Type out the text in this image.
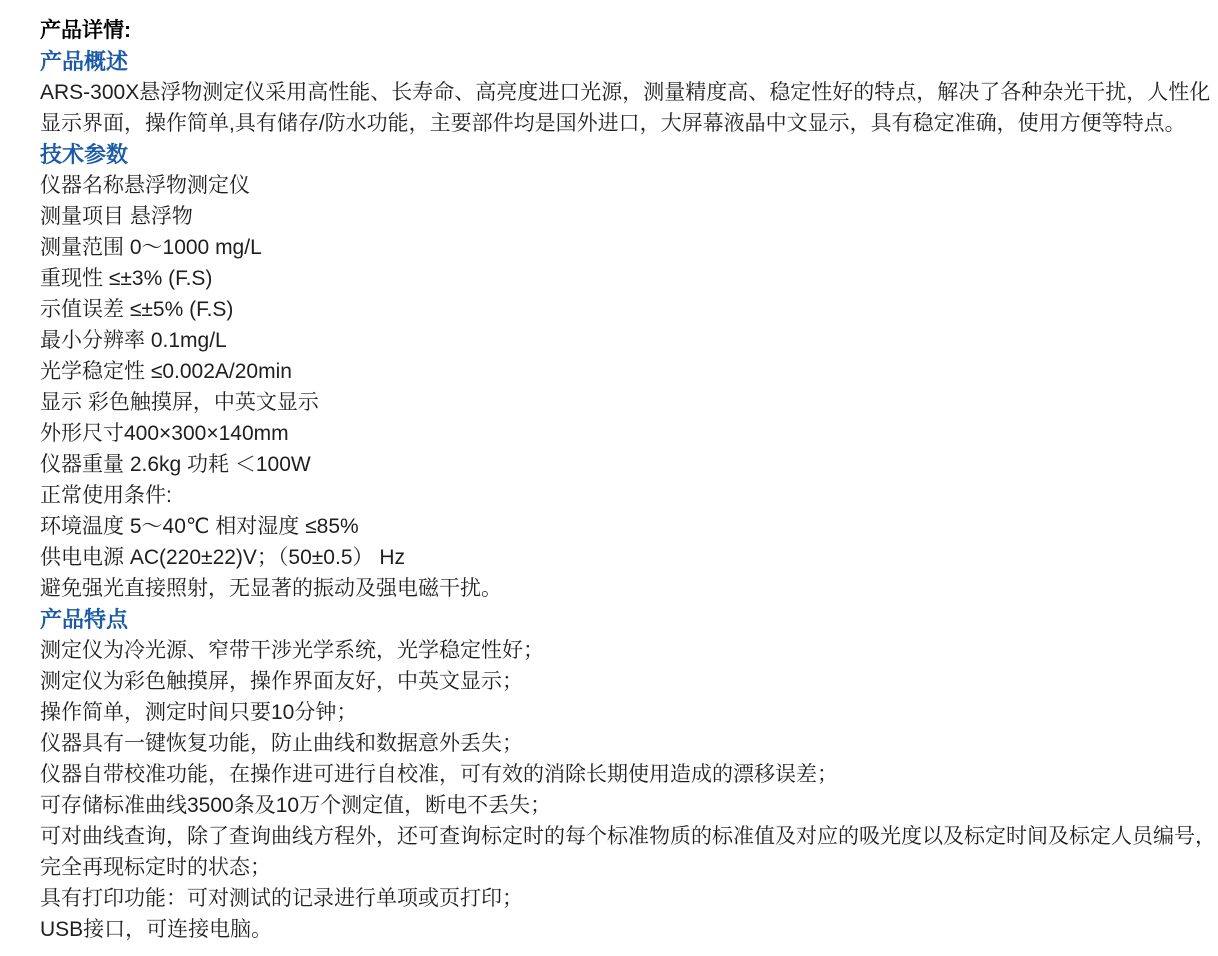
产品详情:
产品概述

ARS-300X悬浮物测定仪采用高性能、长寿命、高亮度进口光源，测量精度高、稳定性好的特点，解决了各种杂光干扰，人性化

显示界面，操作简单,具有储存/防水功能，主要部件均是国外进口，大屏幕液晶中文显示，具有稳定准确，使用方便等特点。

技术参数

仪器名称悬浮物测定仪

测量项目 悬浮物

测量范围 0～1000 mg/L

重现性 ≤±3% (F.S)

示值误差 ≤±5% (F.S)

最小分辨率 0.1mg/L

光学稳定性 ≤0.002A/20min

显示 彩色触摸屏，中英文显示

外形尺寸400×300×140mm

仪器重量 2.6kg 功耗 ＜100W

正常使用条件:

环境温度 5～40℃ 相对湿度 ≤85%

供电电源 AC(220±22)V；（50±0.5） Hz

避免强光直接照射，无显著的振动及强电磁干扰。

产品特点

测定仪为冷光源、窄带干涉光学系统，光学稳定性好；

测定仪为彩色触摸屏，操作界面友好，中英文显示；

操作简单，测定时间只要10分钟；

仪器具有一键恢复功能，防止曲线和数据意外丢失；

仪器自带校准功能，在操作进可进行自校准，可有效的消除长期使用造成的漂移误差；

可存储标准曲线3500条及10万个测定值，断电不丢失；

可对曲线查询，除了查询曲线方程外，还可查询标定时的每个标准物质的标准值及对应的吸光度以及标定时间及标定人员编号，

完全再现标定时的状态；

具有打印功能：可对测试的记录进行单项或页打印；

USB接口，可连接电脑。
